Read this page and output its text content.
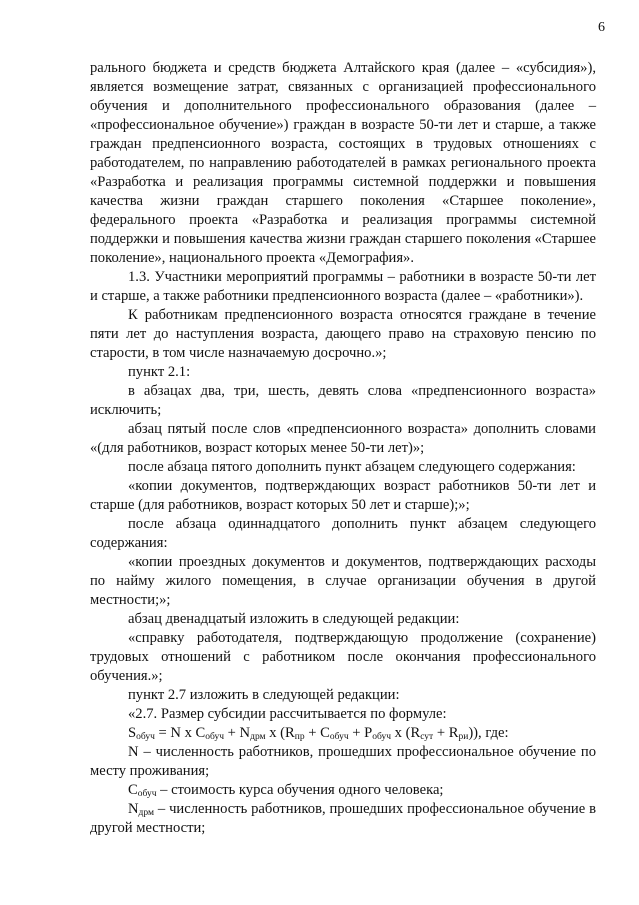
6

рального бюджета и средств бюджета Алтайского края (далее – «субсидия»), является возмещение затрат, связанных с организацией профессионального обучения и дополнительного профессионального образования (далее – «профессиональное обучение») граждан в возрасте 50-ти лет и старше, а также граждан предпенсионного возраста, состоящих в трудовых отношениях с работодателем, по направлению работодателей в рамках регионального проекта «Разработка и реализация программы системной поддержки и повышения качества жизни граждан старшего поколения «Старшее поколение», федерального проекта «Разработка и реализация программы системной поддержки и повышения качества жизни граждан старшего поколения «Старшее поколение», национального проекта «Демография».

1.3. Участники мероприятий программы – работники в возрасте 50-ти лет и старше, а также работники предпенсионного возраста (далее – «работники»).

К работникам предпенсионного возраста относятся граждане в течение пяти лет до наступления возраста, дающего право на страховую пенсию по старости, в том числе назначаемую досрочно.»;

пункт 2.1:

в абзацах два, три, шесть, девять слова «предпенсионного возраста» исключить;

абзац пятый после слов «предпенсионного возраста» дополнить словами «(для работников, возраст которых менее 50-ти лет)»;

после абзаца пятого дополнить пункт абзацем следующего содержания:

«копии документов, подтверждающих возраст работников 50-ти лет и старше (для работников, возраст которых 50 лет и старше);»;

после абзаца одиннадцатого дополнить пункт абзацем следующего содержания:

«копии проездных документов и документов, подтверждающих расходы по найму жилого помещения, в случае организации обучения в другой местности;»;

абзац двенадцатый изложить в следующей редакции:

«справку работодателя, подтверждающую продолжение (сохранение) трудовых отношений с работником после окончания профессионального обучения.»;

пункт 2.7 изложить в следующей редакции:

«2.7. Размер субсидии рассчитывается по формуле:

$S_{обуч} = N$ x $C_{обуч} + N_{дрм}$ x ($R_{пр} + C_{обуч} + P_{обуч}$ x $(R_{сут} + R_{ри})$), где:

N – численность работников, прошедших профессиональное обучение по месту проживания;

$C_{обуч}$ – стоимость курса обучения одного человека;

$N_{дрм}$ – численность работников, прошедших профессиональное обучение в другой местности;
